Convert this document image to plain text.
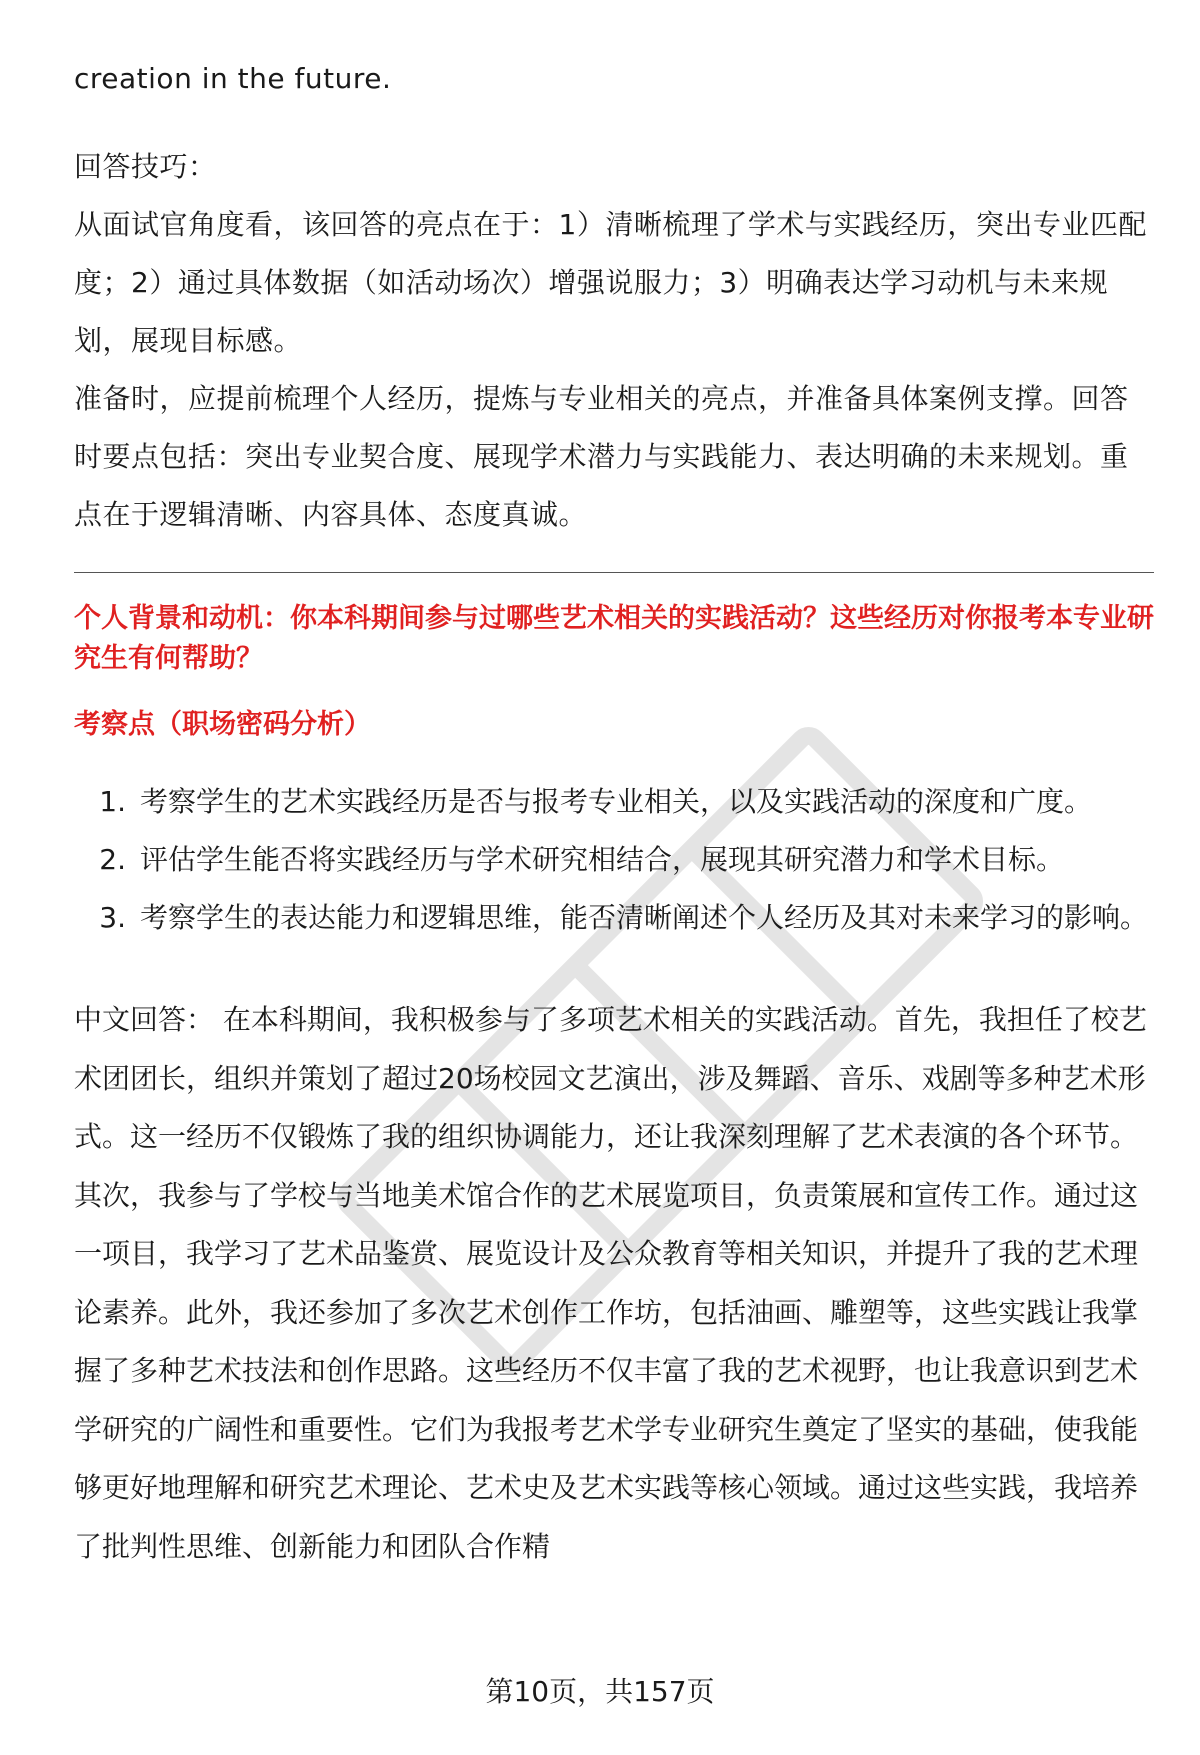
creation in the future.

回答技巧：

从面试官角度看，该回答的亮点在于：1）清晰梳理了学术与实践经历，突出专业匹配度；2）通过具体数据（如活动场次）增强说服力；3）明确表达学习动机与未来规划，展现目标感。

准备时，应提前梳理个人经历，提炼与专业相关的亮点，并准备具体案例支撑。回答时要点包括：突出专业契合度、展现学术潜力与实践能力、表达明确的未来规划。重点在于逻辑清晰、内容具体、态度真诚。

个人背景和动机：你本科期间参与过哪些艺术相关的实践活动？这些经历对你报考本专业研究生有何帮助？

考察点（职场密码分析）

1. 考察学生的艺术实践经历是否与报考专业相关，以及实践活动的深度和广度。
2. 评估学生能否将实践经历与学术研究相结合，展现其研究潜力和学术目标。
3. 考察学生的表达能力和逻辑思维，能否清晰阐述个人经历及其对未来学习的影响。

中文回答： 在本科期间，我积极参与了多项艺术相关的实践活动。首先，我担任了校艺术团团长，组织并策划了超过20场校园文艺演出，涉及舞蹈、音乐、戏剧等多种艺术形式。这一经历不仅锻炼了我的组织协调能力，还让我深刻理解了艺术表演的各个环节。其次，我参与了学校与当地美术馆合作的艺术展览项目，负责策展和宣传工作。通过这一项目，我学习了艺术品鉴赏、展览设计及公众教育等相关知识，并提升了我的艺术理论素养。此外，我还参加了多次艺术创作工作坊，包括油画、雕塑等，这些实践让我掌握了多种艺术技法和创作思路。这些经历不仅丰富了我的艺术视野，也让我意识到艺术学研究的广阔性和重要性。它们为我报考艺术学专业研究生奠定了坚实的基础，使我能够更好地理解和研究艺术理论、艺术史及艺术实践等核心领域。通过这些实践，我培养了批判性思维、创新能力和团队合作精

第10页，共157页
